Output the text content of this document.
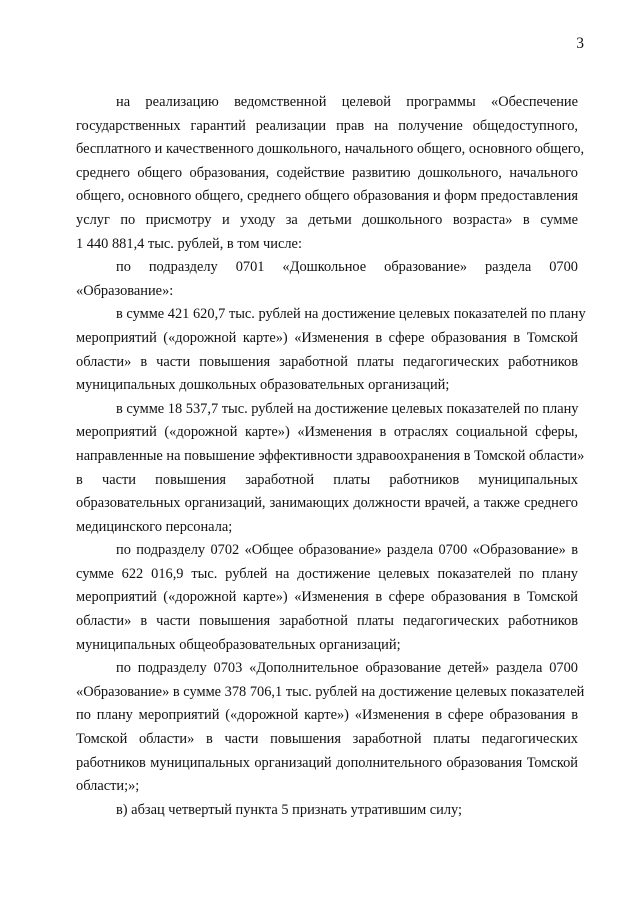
3

на реализацию ведомственной целевой программы «Обеспечение
государственных гарантий реализации прав на получение общедоступного,
бесплатного и качественного дошкольного, начального общего, основного общего,
среднего общего образования, содействие развитию дошкольного, начального
общего, основного общего, среднего общего образования и форм предоставления
услуг по присмотру и уходу за детьми дошкольного возраста» в сумме
1 440 881,4 тыс. рублей, в том числе:

по подразделу 0701 «Дошкольное образование» раздела 0700
«Образование»:

в сумме 421 620,7 тыс. рублей на достижение целевых показателей по плану
мероприятий («дорожной карте») «Изменения в сфере образования в Томской
области» в части повышения заработной платы педагогических работников
муниципальных дошкольных образовательных организаций;

в сумме 18 537,7 тыс. рублей на достижение целевых показателей по плану
мероприятий («дорожной карте») «Изменения в отраслях социальной сферы,
направленные на повышение эффективности здравоохранения в Томской области»
в части повышения заработной платы работников муниципальных
образовательных организаций, занимающих должности врачей, а также среднего
медицинского персонала;

по подразделу 0702 «Общее образование» раздела 0700 «Образование» в
сумме 622 016,9 тыс. рублей на достижение целевых показателей по плану
мероприятий («дорожной карте») «Изменения в сфере образования в Томской
области» в части повышения заработной платы педагогических работников
муниципальных общеобразовательных организаций;

по подразделу 0703 «Дополнительное образование детей» раздела 0700
«Образование» в сумме 378 706,1 тыс. рублей на достижение целевых показателей
по плану мероприятий («дорожной карте») «Изменения в сфере образования в
Томской области» в части повышения заработной платы педагогических
работников муниципальных организаций дополнительного образования Томской
области;»;

в) абзац четвертый пункта 5 признать утратившим силу;
